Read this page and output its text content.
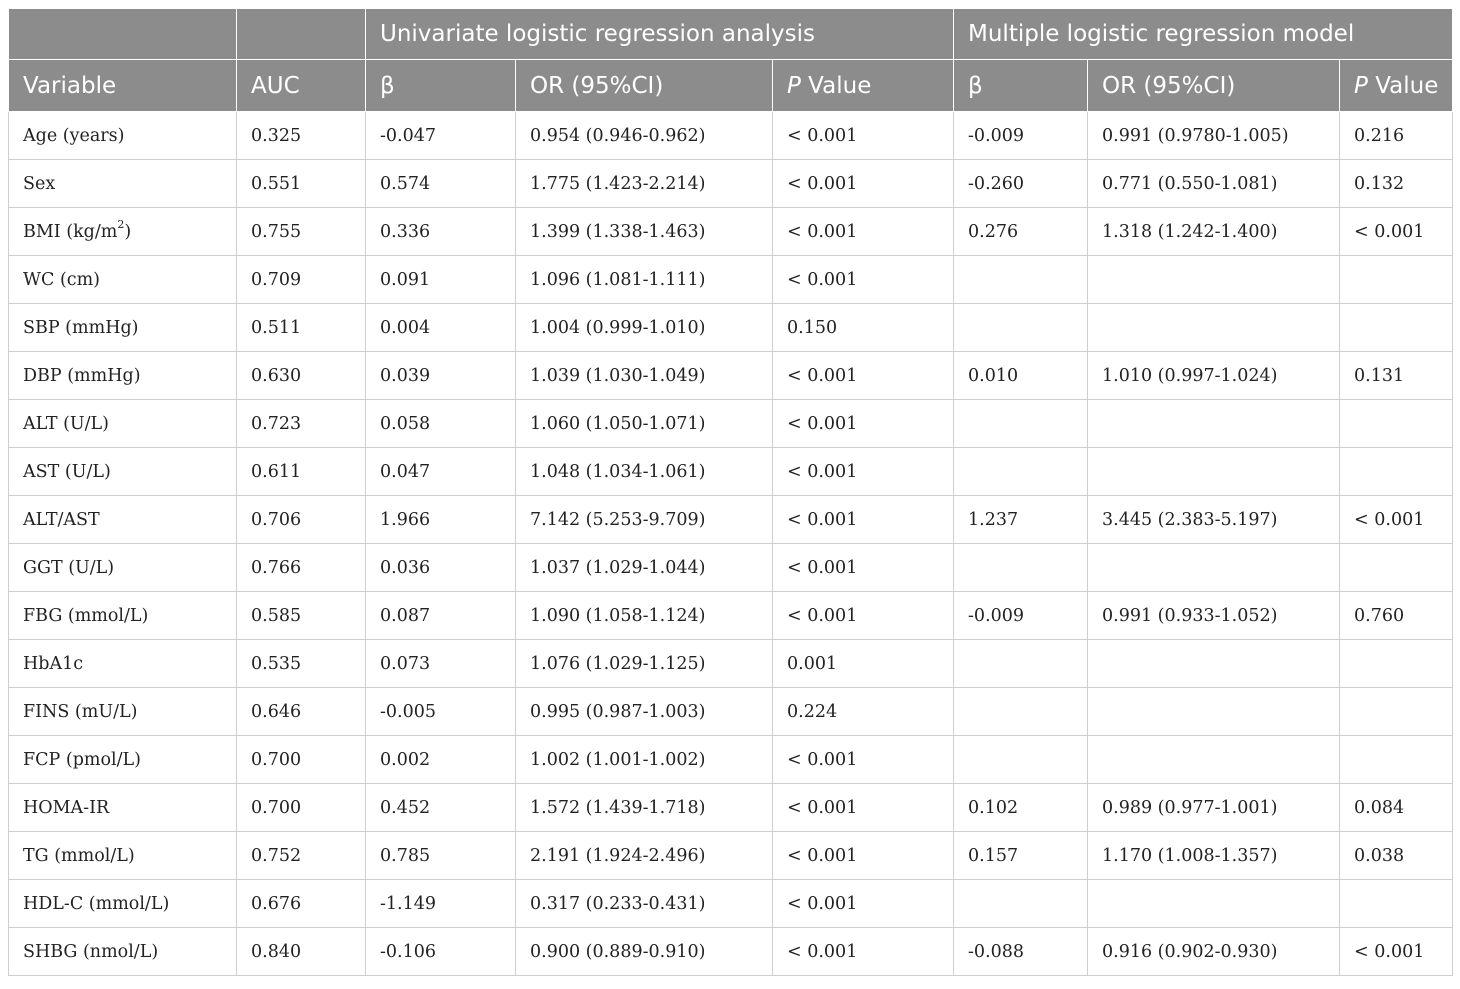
		Univariate logistic regression analysis			Multiple logistic regression model		
Variable	AUC	β	OR (95%CI)	P Value	β	OR (95%CI)	P Value
Age (years)	0.325	-0.047	0.954 (0.946-0.962)	< 0.001	-0.009	0.991 (0.9780-1.005)	0.216
Sex	0.551	0.574	1.775 (1.423-2.214)	< 0.001	-0.260	0.771 (0.550-1.081)	0.132
BMI $(kg/m^2)$	0.755	0.336	1.399 (1.338-1.463)	< 0.001	0.276	1.318 (1.242-1.400)	< 0.001
WC (cm)	0.709	0.091	1.096 (1.081-1.111)	< 0.001			
SBP (mmHg)	0.511	0.004	1.004 (0.999-1.010)	0.150			
DBP (mmHg)	0.630	0.039	1.039 (1.030-1.049)	< 0.001	0.010	1.010 (0.997-1.024)	0.131
ALT (U/L)	0.723	0.058	1.060 (1.050-1.071)	< 0.001			
AST (U/L)	0.611	0.047	1.048 (1.034-1.061)	< 0.001			
ALT/AST	0.706	1.966	7.142 (5.253-9.709)	< 0.001	1.237	3.445 (2.383-5.197)	< 0.001
GGT (U/L)	0.766	0.036	1.037 (1.029-1.044)	< 0.001			
FBG (mmol/L)	0.585	0.087	1.090 (1.058-1.124)	< 0.001	-0.009	0.991 (0.933-1.052)	0.760
HbA1c	0.535	0.073	1.076 (1.029-1.125)	0.001			
FINS (mU/L)	0.646	-0.005	0.995 (0.987-1.003)	0.224			
FCP (pmol/L)	0.700	0.002	1.002 (1.001-1.002)	< 0.001			
HOMA-IR	0.700	0.452	1.572 (1.439-1.718)	< 0.001	0.102	0.989 (0.977-1.001)	0.084
TG (mmol/L)	0.752	0.785	2.191 (1.924-2.496)	< 0.001	0.157	1.170 (1.008-1.357)	0.038
HDL-C (mmol/L)	0.676	-1.149	0.317 (0.233-0.431)	< 0.001			
SHBG (nmol/L)	0.840	-0.106	0.900 (0.889-0.910)	< 0.001	-0.088	0.916 (0.902-0.930)	< 0.001
